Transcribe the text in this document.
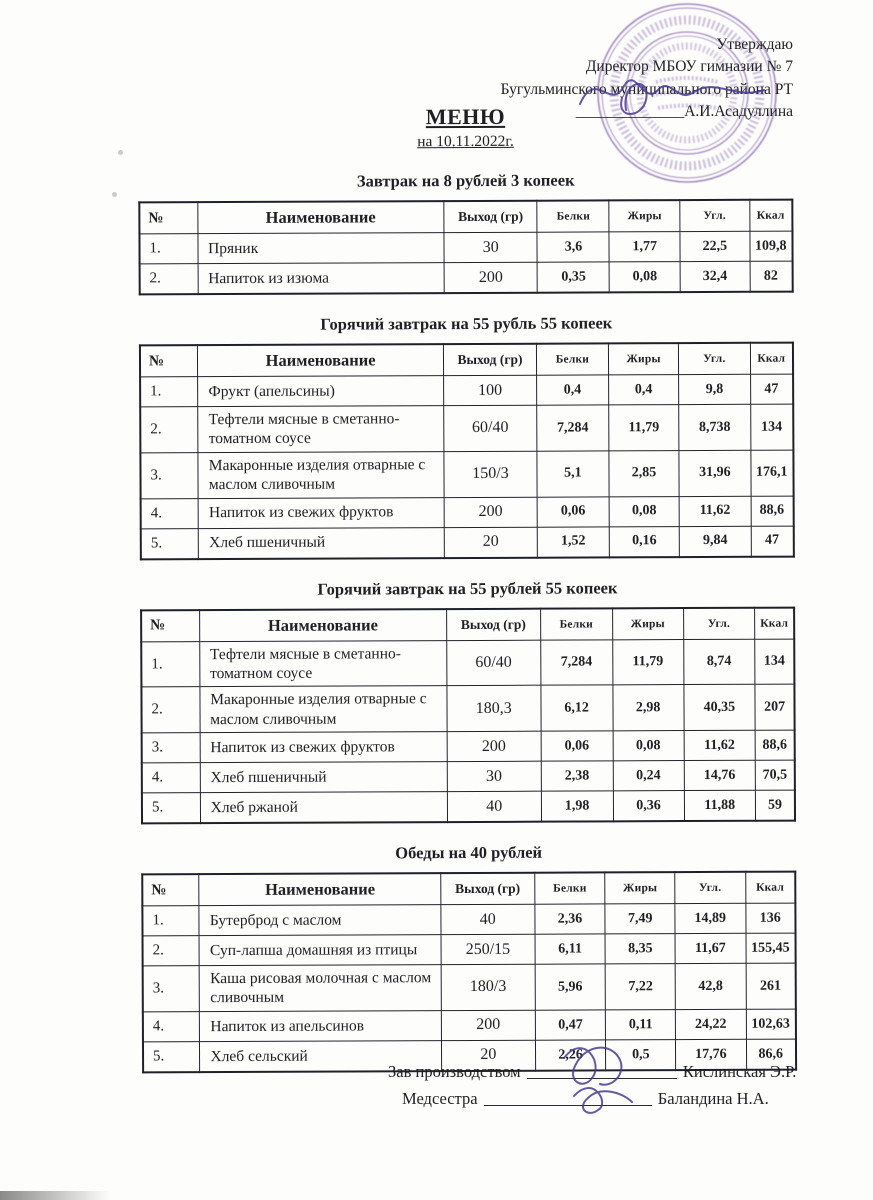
Утверждаю
Директор МБОУ гимназии № 7
Бугульминского муниципального района РТ
______________А.И.Асадуллина
МЕНЮ
на 10.11.2022г.
Завтрак на 8 рублей 3 копеек
№	Наименование	Выход (гр)	Белки	Жиры	Угл.	Ккал
1.	Пряник	30	3,6	1,77	22,5	109,8
2.	Напиток из изюма	200	0,35	0,08	32,4	82
Горячий завтрак на 55 рубль 55 копеек
№	Наименование	Выход (гр)	Белки	Жиры	Угл.	Ккал
1.	Фрукт (апельсины)	100	0,4	0,4	9,8	47
2.	Тефтели мясные в сметанно-томатном соусе	60/40	7,284	11,79	8,738	134
3.	Макаронные изделия отварные с маслом сливочным	150/3	5,1	2,85	31,96	176,1
4.	Напиток из свежих фруктов	200	0,06	0,08	11,62	88,6
5.	Хлеб пшеничный	20	1,52	0,16	9,84	47
Горячий завтрак на 55 рублей 55 копеек
№	Наименование	Выход (гр)	Белки	Жиры	Угл.	Ккал
1.	Тефтели мясные в сметанно-томатном соусе	60/40	7,284	11,79	8,74	134
2.	Макаронные изделия отварные с маслом сливочным	180,3	6,12	2,98	40,35	207
3.	Напиток из свежих фруктов	200	0,06	0,08	11,62	88,6
4.	Хлеб пшеничный	30	2,38	0,24	14,76	70,5
5.	Хлеб ржаной	40	1,98	0,36	11,88	59
Обеды на 40 рублей
№	Наименование	Выход (гр)	Белки	Жиры	Угл.	Ккал
1.	Бутерброд с маслом	40	2,36	7,49	14,89	136
2.	Суп-лапша домашняя из птицы	250/15	6,11	8,35	11,67	155,45
3.	Каша рисовая молочная с маслом сливочным	180/3	5,96	7,22	42,8	261
4.	Напиток из апельсинов	200	0,47	0,11	24,22	102,63
5.	Хлеб сельский	20	2,26	0,5	17,76	86,6
Зав производством	Кислинская Э.Р.
Медсестра	Баландина Н.А.
